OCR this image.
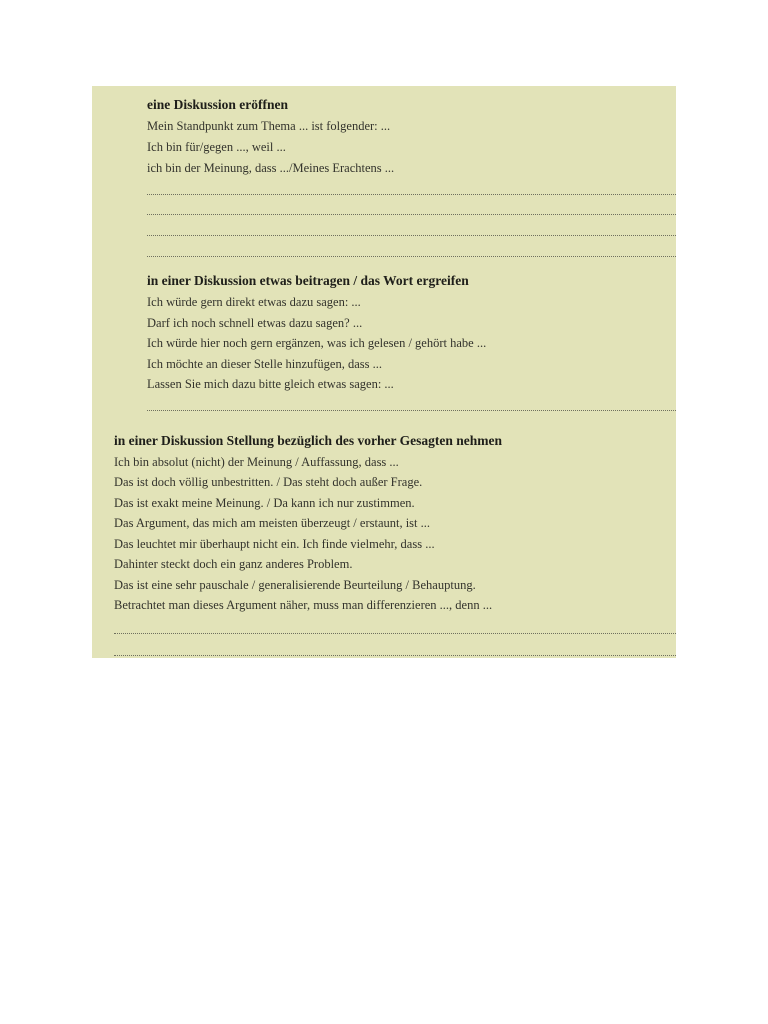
eine Diskussion eröffnen
Mein Standpunkt zum Thema ... ist folgender: ...
Ich bin für/gegen ..., weil ...
ich bin der Meinung, dass .../Meines Erachtens ...
in einer Diskussion etwas beitragen / das Wort ergreifen
Ich würde gern direkt etwas dazu sagen: ...
Darf ich noch schnell etwas dazu sagen? ...
Ich würde hier noch gern ergänzen, was ich gelesen / gehört habe ...
Ich möchte an dieser Stelle hinzufügen, dass ...
Lassen Sie mich dazu bitte gleich etwas sagen: ...
in einer Diskussion Stellung bezüglich des vorher Gesagten nehmen
Ich bin absolut (nicht) der Meinung / Auffassung, dass ...
Das ist doch völlig unbestritten. / Das steht doch außer Frage.
Das ist exakt meine Meinung. / Da kann ich nur zustimmen.
Das Argument, das mich am meisten überzeugt / erstaunt, ist ...
Das leuchtet mir überhaupt nicht ein. Ich finde vielmehr, dass ...
Dahinter steckt doch ein ganz anderes Problem.
Das ist eine sehr pauschale / generalisierende Beurteilung / Behauptung.
Betrachtet man dieses Argument näher, muss man differenzieren ..., denn ...
